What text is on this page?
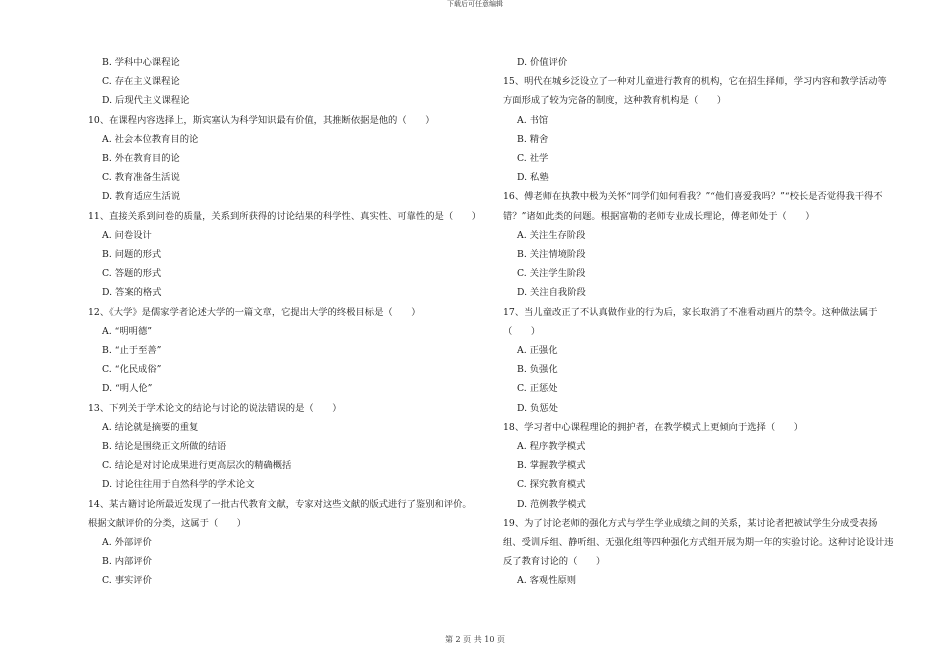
下载后可任意编辑

B. 学科中心课程论

C. 存在主义课程论

D. 后现代主义课程论

10、在课程内容选择上，斯宾塞认为科学知识最有价值，其推断依据是他的（　　）

A. 社会本位教育目的论

B. 外在教育目的论

C. 教育准备生活说

D. 教育适应生活说

11、直接关系到问卷的质量，关系到所获得的讨论结果的科学性、真实性、可靠性的是（　　）

A. 问卷设计

B. 问题的形式

C. 答题的形式

D. 答案的格式

12、《大学》是儒家学者论述大学的一篇文章，它提出大学的终极目标是（　　）

A. “明明德”

B. “止于至善”

C. “化民成俗”

D. “明人伦”

13、下列关于学术论文的结论与讨论的说法错误的是（　　）

A. 结论就是摘要的重复

B. 结论是围绕正文所做的结语

C. 结论是对讨论成果进行更高层次的精确概括

D. 讨论往往用于自然科学的学术论文

14、某古籍讨论所最近发现了一批古代教育文献，专家对这些文献的版式进行了鉴别和评价。根据文献评价的分类，这属于（　　）

A. 外部评价

B. 内部评价

C. 事实评价

D. 价值评价

15、明代在城乡泛设立了一种对儿童进行教育的机构，它在招生择师，学习内容和教学活动等方面形成了较为完备的制度，这种教育机构是（　　）

A. 书馆

B. 精舍

C. 社学

D. 私塾

16、傅老师在执教中极为关怀“同学们如何看我？”“他们喜爱我吗？”“校长是否觉得我干得不错？”诸如此类的问题。根据富勒的老师专业成长理论，傅老师处于（　　）

A. 关注生存阶段

B. 关注情境阶段

C. 关注学生阶段

D. 关注自我阶段

17、当儿童改正了不认真做作业的行为后，家长取消了不准看动画片的禁令。这种做法属于（　　）

A. 正强化

B. 负强化

C. 正惩处

D. 负惩处

18、学习者中心课程理论的拥护者，在教学模式上更倾向于选择（　　）

A. 程序教学模式

B. 掌握教学模式

C. 探究教育模式

D. 范例教学模式

19、为了讨论老师的强化方式与学生学业成绩之间的关系，某讨论者把被试学生分成受表扬组、受训斥组、静听组、无强化组等四种强化方式组开展为期一年的实验讨论。这种讨论设计违反了教育讨论的（　　）

A. 客观性原则

第 2 页 共 10 页
